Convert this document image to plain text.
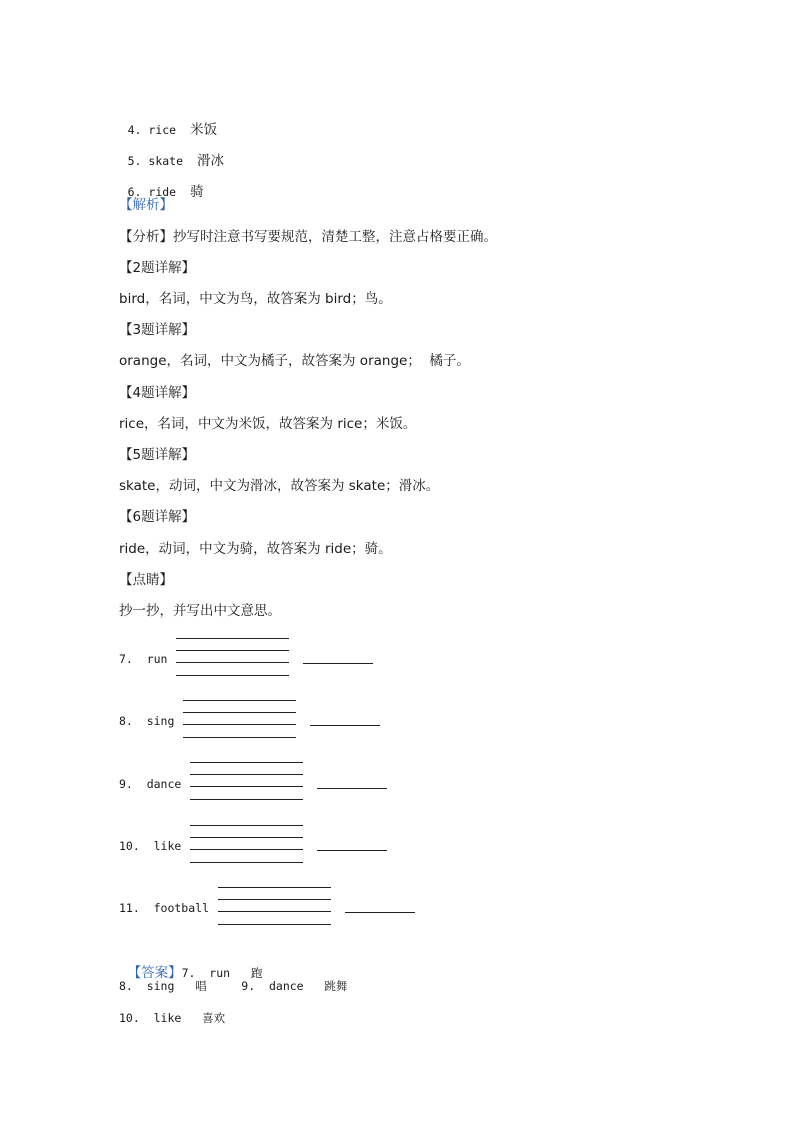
4. rice 米饭

5. skate 滑冰

6. ride 骑

【解析】
【分析】抄写时注意书写要规范，清楚工整，注意占格要正确。
【2题详解】
bird，名词，中文为鸟，故答案为 bird；鸟。
【3题详解】
orange，名词，中文为橘子，故答案为 orange；  橘子。
【4题详解】
rice，名词，中文为米饭，故答案为 rice；米饭。
【5题详解】
skate，动词，中文为滑冰，故答案为 skate；滑冰。
【6题详解】
ride，动词，中文为骑，故答案为 ride；骑。
【点睛】
抄一抄，并写出中文意思。
7.  run
8.  sing
9.  dance
10.  like
11.  football

【答案】7.  run   跑

8.  sing   唱     9.  dance   跳舞
10.  like   喜欢
